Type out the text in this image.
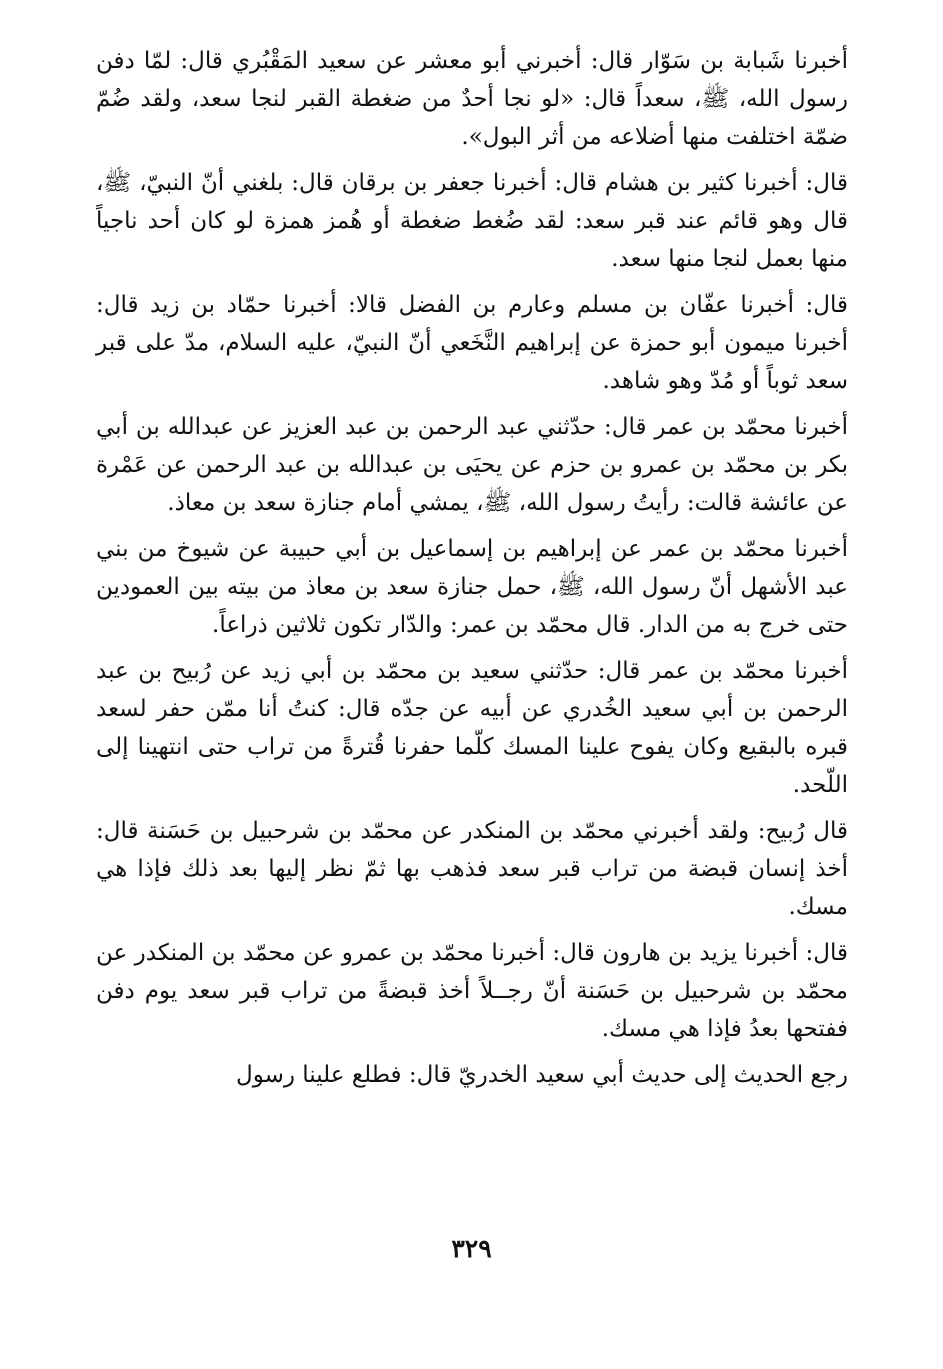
أخبرنا شَبابة بن سَوّار قال: أخبرني أبو معشر عن سعيد المَقْبُري قال: لمّا دفن رسول الله، ﷺ، سعداً قال: «لو نجا أحدٌ من ضغطة القبر لنجا سعد، ولقد ضُمّ ضمّة اختلفت منها أضلاعه من أثر البول».

قال: أخبرنا كثير بن هشام قال: أخبرنا جعفر بن برقان قال: بلغني أنّ النبيّ، ﷺ، قال وهو قائم عند قبر سعد: لقد ضُغط ضغطة أو هُمز همزة لو كان أحد ناجياً منها بعمل لنجا منها سعد.

قال: أخبرنا عفّان بن مسلم وعارم بن الفضل قالا: أخبرنا حمّاد بن زيد قال: أخبرنا ميمون أبو حمزة عن إبراهيم النَّخَعي أنّ النبيّ، عليه السلام، مدّ على قبر سعد ثوباً أو مُدّ وهو شاهد.

أخبرنا محمّد بن عمر قال: حدّثني عبد الرحمن بن عبد العزيز عن عبدالله بن أبي بكر بن محمّد بن عمرو بن حزم عن يحيَى بن عبدالله بن عبد الرحمن عن عَمْرة عن عائشة قالت: رأيتُ رسول الله، ﷺ، يمشي أمام جنازة سعد بن معاذ.

أخبرنا محمّد بن عمر عن إبراهيم بن إسماعيل بن أبي حبيبة عن شيوخ من بني عبد الأشهل أنّ رسول الله، ﷺ، حمل جنازة سعد بن معاذ من بيته بين العمودين حتى خرج به من الدار. قال محمّد بن عمر: والدّار تكون ثلاثين ذراعاً.

أخبرنا محمّد بن عمر قال: حدّثني سعيد بن محمّد بن أبي زيد عن رُبيح بن عبد الرحمن بن أبي سعيد الخُدري عن أبيه عن جدّه قال: كنتُ أنا ممّن حفر لسعد قبره بالبقيع وكان يفوح علينا المسك كلّما حفرنا قُترةً من تراب حتى انتهينا إلى اللّحد.

قال رُبيح: ولقد أخبرني محمّد بن المنكدر عن محمّد بن شرحبيل بن حَسَنة قال: أخذ إنسان قبضة من تراب قبر سعد فذهب بها ثمّ نظر إليها بعد ذلك فإذا هي مسك.

قال: أخبرنا يزيد بن هارون قال: أخبرنا محمّد بن عمرو عن محمّد بن المنكدر عن محمّد بن شرحبيل بن حَسَنة أنّ رجــلاً أخذ قبضةً من تراب قبر سعد يوم دفن ففتحها بعدُ فإذا هي مسك.

رجع الحديث إلى حديث أبي سعيد الخدريّ قال: فطلع علينا رسول

٣٢٩
